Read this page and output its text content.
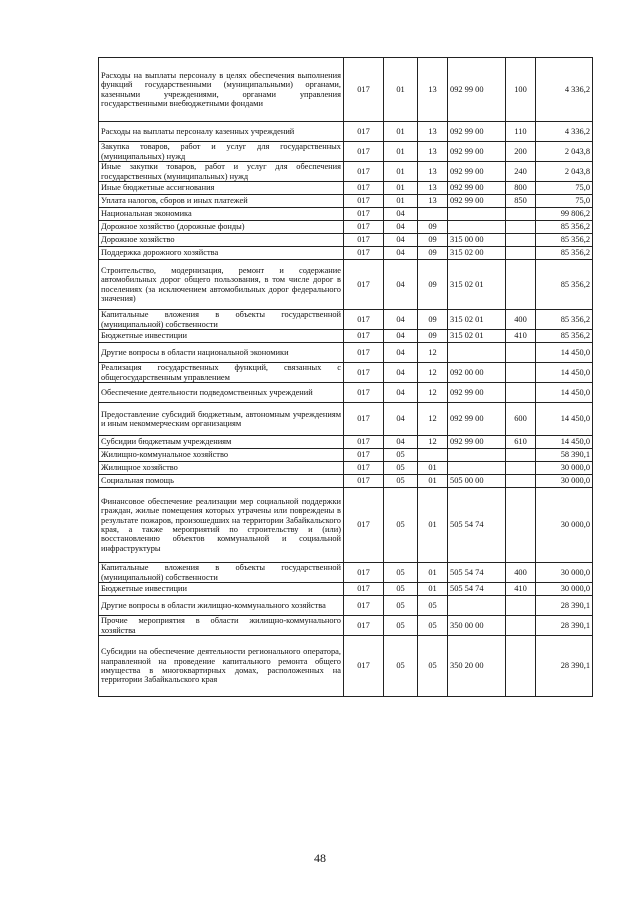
Расходы на выплаты персоналу в целях обеспечения выполнения функций государственными (муниципальными) органами, казенными учреждениями, органами управления государственными внебюджетными фондами	017	01	13	092 99 00	100	4 336,2
Расходы на выплаты персоналу казенных учреждений	017	01	13	092 99 00	110	4 336,2
Закупка товаров, работ и услуг для государственных (муниципальных) нужд	017	01	13	092 99 00	200	2 043,8
Иные закупки товаров, работ и услуг для обеспечения государственных (муниципальных) нужд	017	01	13	092 99 00	240	2 043,8
Иные бюджетные ассигнования	017	01	13	092 99 00	800	75,0
Уплата налогов, сборов и иных платежей	017	01	13	092 99 00	850	75,0
Национальная экономика	017	04				99 806,2
Дорожное хозяйство (дорожные фонды)	017	04	09			85 356,2
Дорожное хозяйство	017	04	09	315 00 00		85 356,2
Поддержка дорожного хозяйства	017	04	09	315 02 00		85 356,2
Строительство, модернизация, ремонт и содержание автомобильных дорог общего пользования, в том числе дорог в поселениях (за исключением автомобильных дорог федерального значения)	017	04	09	315 02 01		85 356,2
Капитальные вложения в объекты государственной (муниципальной) собственности	017	04	09	315 02 01	400	85 356,2
Бюджетные инвестиции	017	04	09	315 02 01	410	85 356,2
Другие вопросы в области национальной экономики	017	04	12			14 450,0
Реализация государственных функций, связанных с общегосударственным управлением	017	04	12	092 00 00		14 450,0
Обеспечение деятельности подведомственных учреждений	017	04	12	092 99 00		14 450,0
Предоставление субсидий бюджетным, автономным учреждениям и иным некоммерческим организациям	017	04	12	092 99 00	600	14 450,0
Субсидии бюджетным учреждениям	017	04	12	092 99 00	610	14 450,0
Жилищно-коммунальное хозяйство	017	05				58 390,1
Жилищное хозяйство	017	05	01			30 000,0
Социальная помощь	017	05	01	505 00 00		30 000,0
Финансовое обеспечение реализации мер социальной поддержки граждан, жилые помещения которых утрачены или повреждены в результате пожаров, произошедших на территории Забайкальского края, а также мероприятий по строительству и (или) восстановлению объектов коммунальной и социальной инфраструктуры	017	05	01	505 54 74		30 000,0
Капитальные вложения в объекты государственной (муниципальной) собственности	017	05	01	505 54 74	400	30 000,0
Бюджетные инвестиции	017	05	01	505 54 74	410	30 000,0
Другие вопросы в области жилищно-коммунального хозяйства	017	05	05			28 390,1
Прочие мероприятия в области жилищно-коммунального хозяйства	017	05	05	350 00 00		28 390,1
Субсидии на обеспечение деятельности регионального оператора, направленной на проведение капитального ремонта общего имущества в многоквартирных домах, расположенных на территории Забайкальского края	017	05	05	350 20 00		28 390,1
48
